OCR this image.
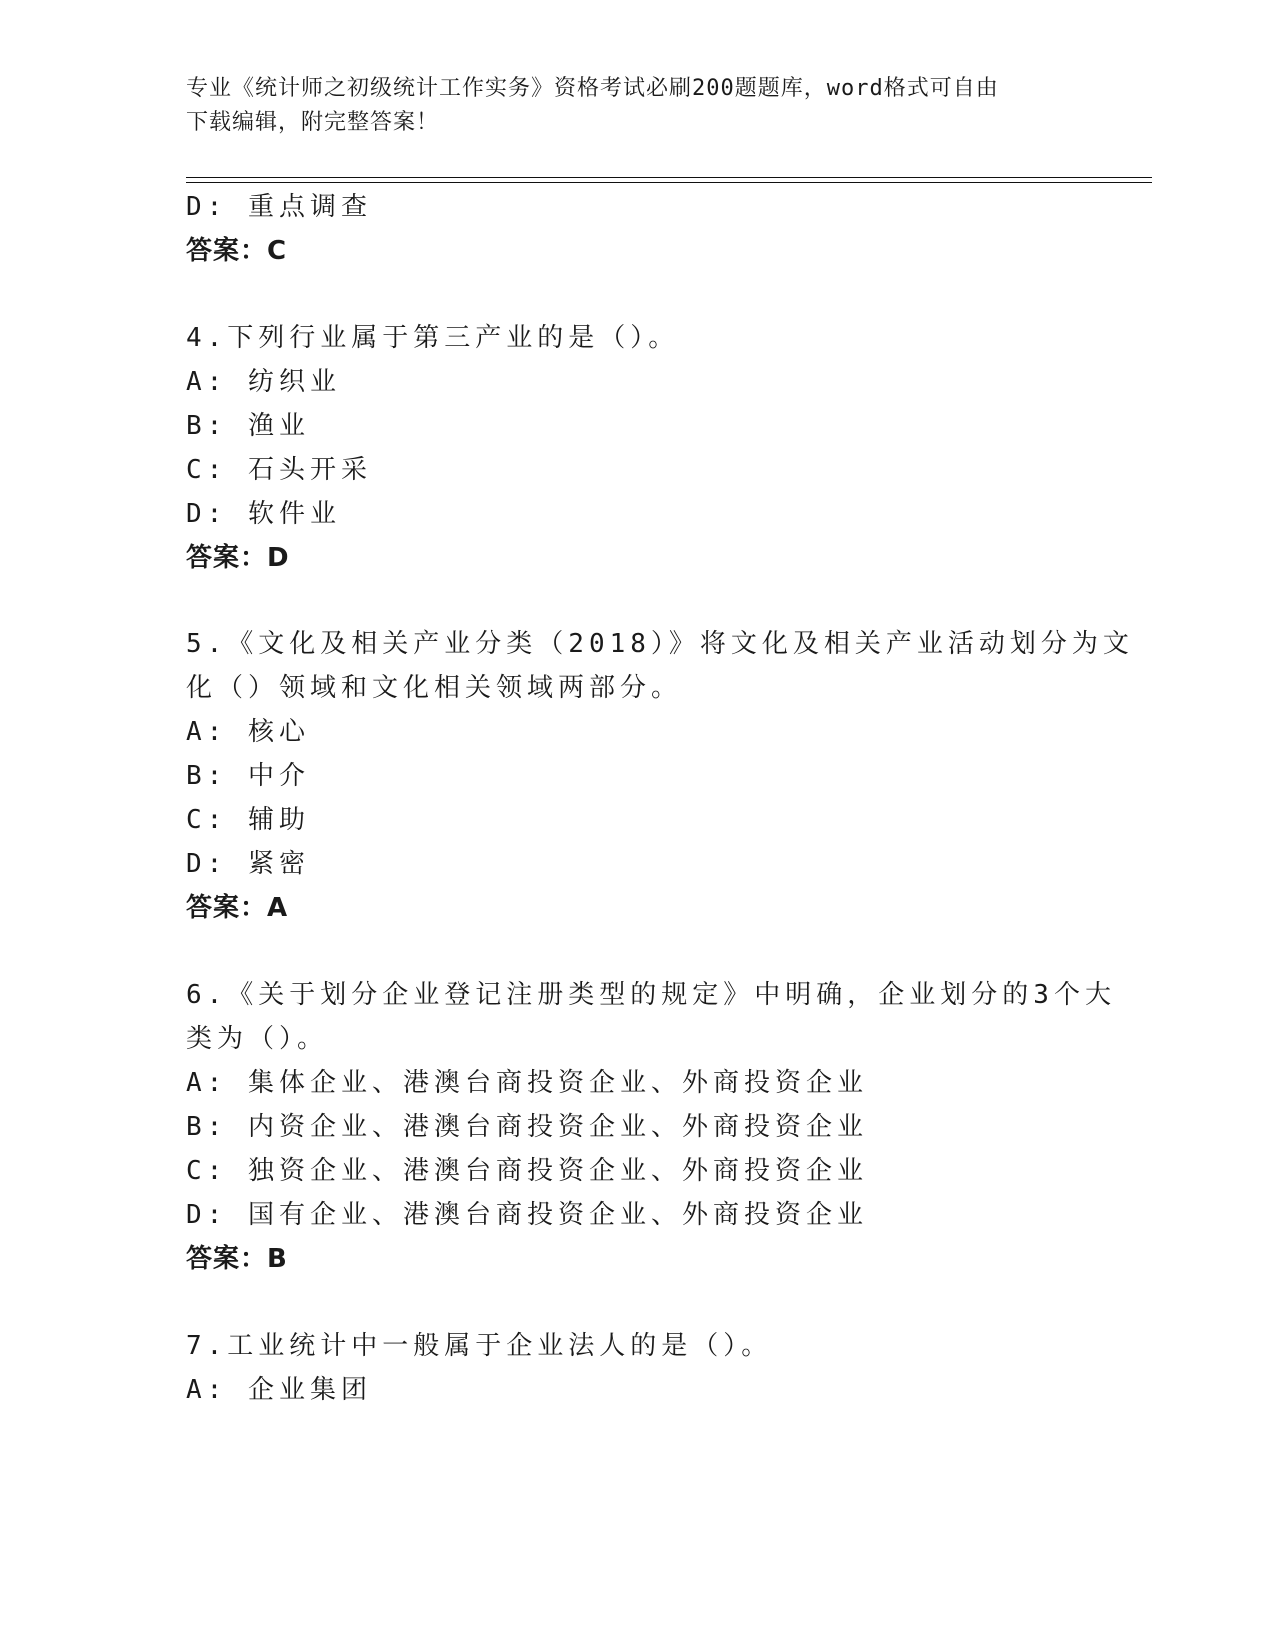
专业《统计师之初级统计工作实务》资格考试必刷200题题库，word格式可自由
下载编辑，附完整答案！
D: 重点调查
答案：C
4.下列行业属于第三产业的是（）。
A: 纺织业
B: 渔业
C: 石头开采
D: 软件业
答案：D
5.《文化及相关产业分类（2018）》将文化及相关产业活动划分为文
化（）领域和文化相关领域两部分。
A: 核心
B: 中介
C: 辅助
D: 紧密
答案：A
6.《关于划分企业登记注册类型的规定》中明确，企业划分的3个大
类为（）。
A: 集体企业、港澳台商投资企业、外商投资企业
B: 内资企业、港澳台商投资企业、外商投资企业
C: 独资企业、港澳台商投资企业、外商投资企业
D: 国有企业、港澳台商投资企业、外商投资企业
答案：B
7.工业统计中一般属于企业法人的是（）。
A: 企业集团
